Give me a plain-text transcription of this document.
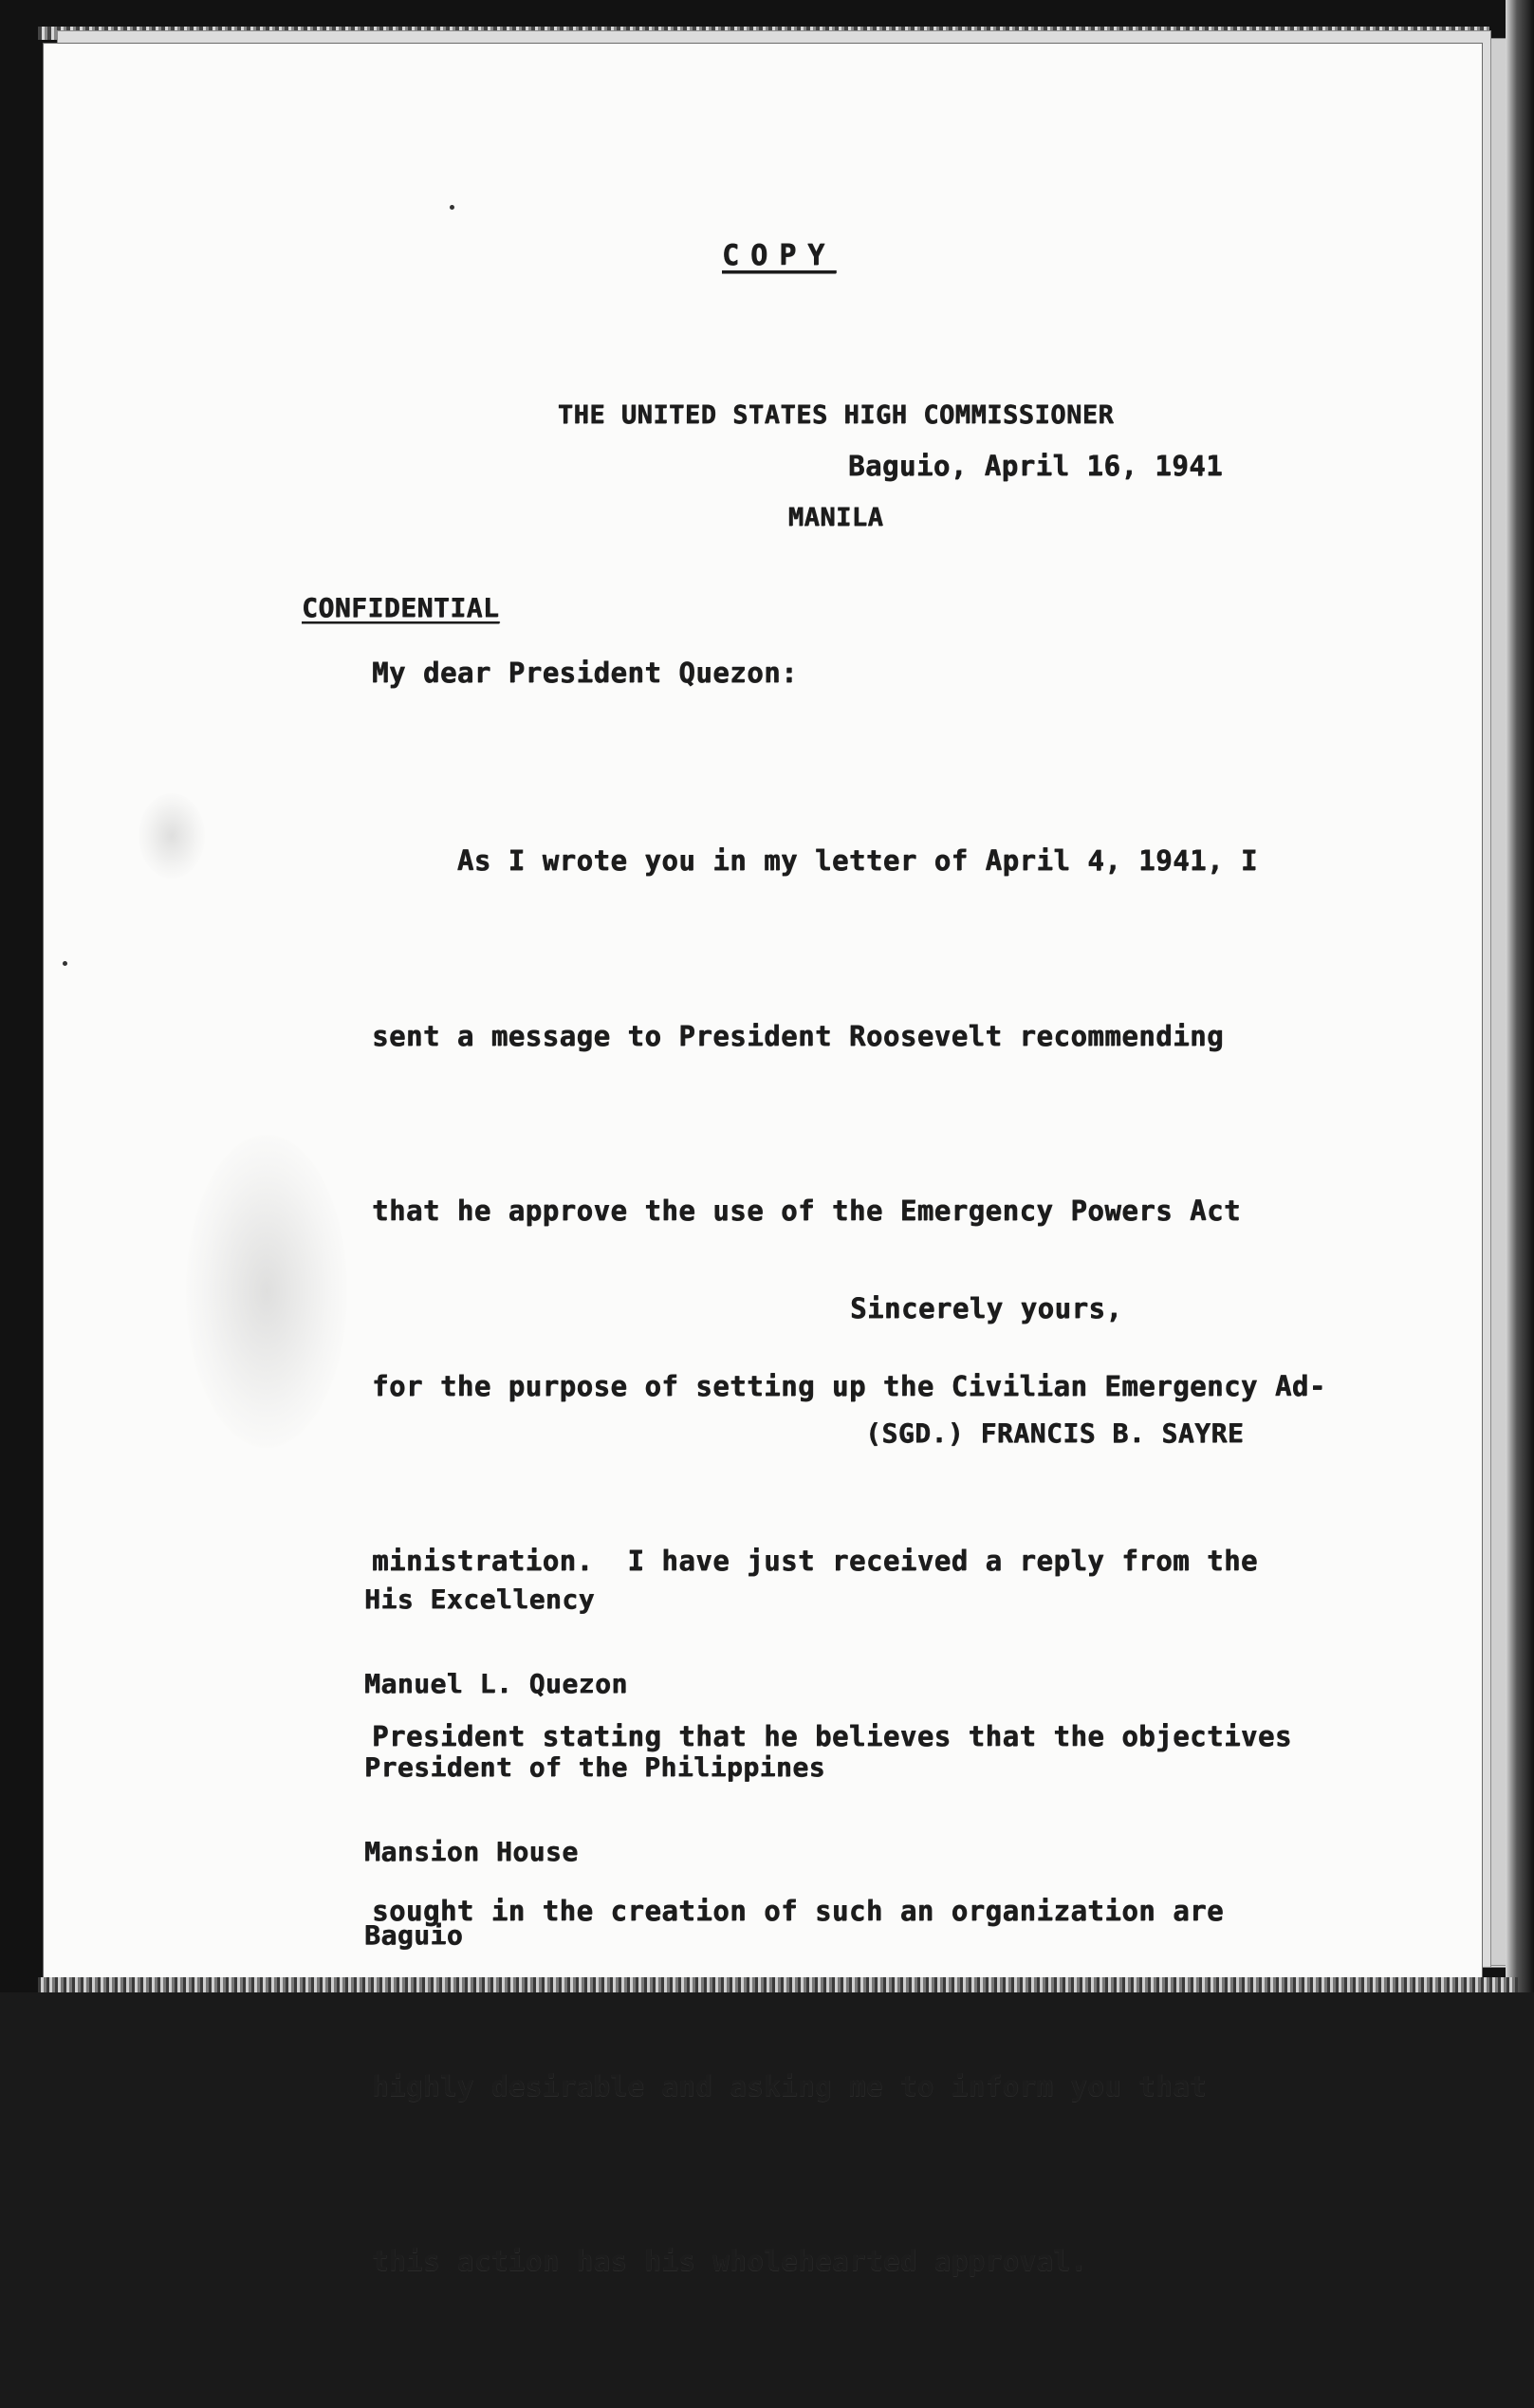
COPY

THE UNITED STATES HIGH COMMISSIONER

MANILA

Baguio, April 16, 1941
CONFIDENTIAL
My dear President Quezon:

As I wrote you in my letter of April 4, 1941, I

sent a message to President Roosevelt recommending

that he approve the use of the Emergency Powers Act

for the purpose of setting up the Civilian Emergency Ad-

ministration.  I have just received a reply from the

President stating that he believes that the objectives

sought in the creation of such an organization are

highly desirable and asking me to inform you that

this action has his wholehearted approval.

Sincerely yours,
(SGD.) FRANCIS B. SAYRE

His Excellency

Manuel L. Quezon

President of the Philippines

Mansion House

Baguio
